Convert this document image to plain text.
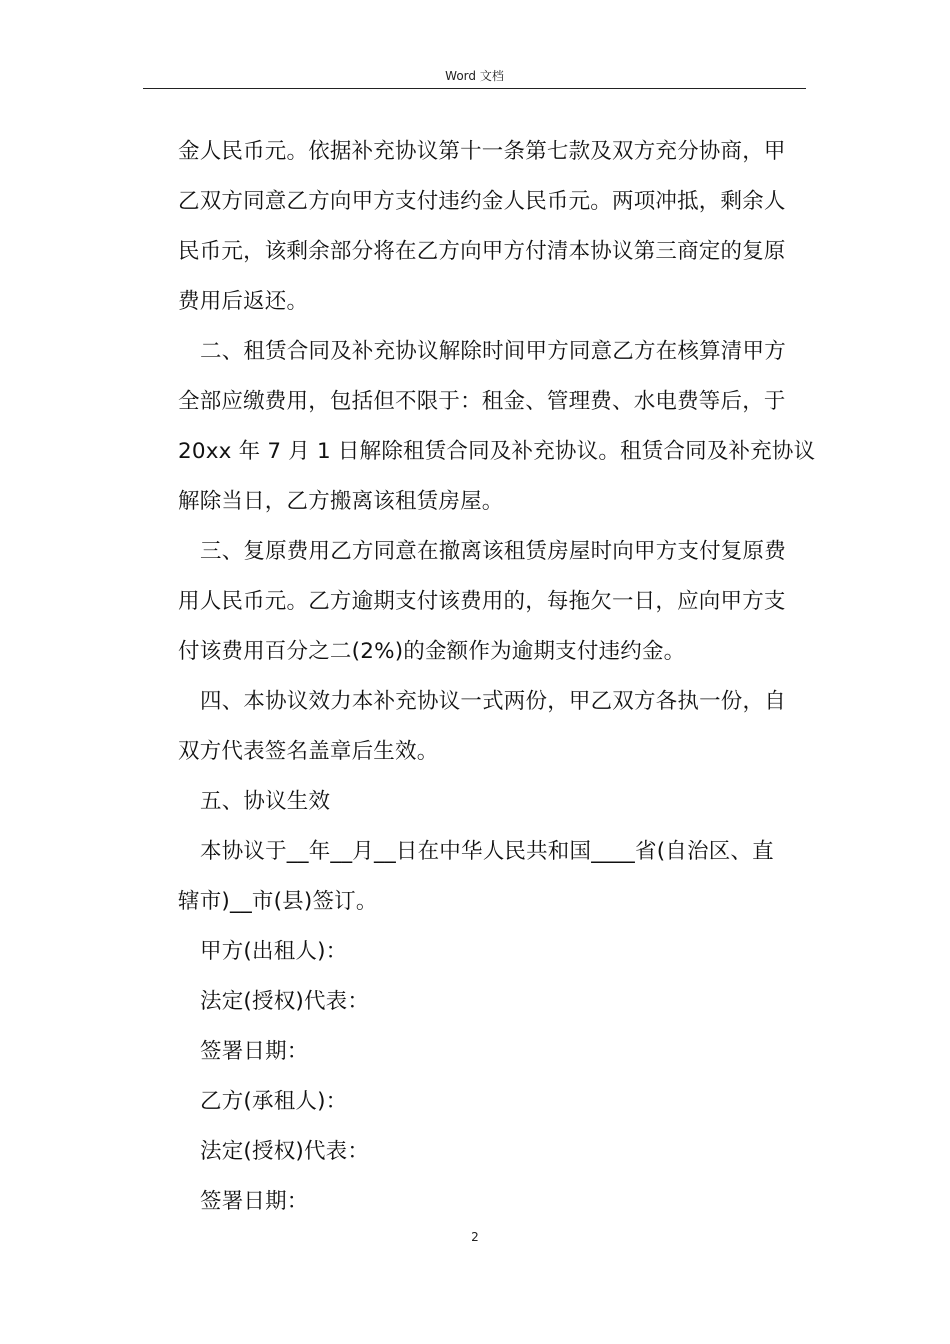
Word 文档
金人民币元。依据补充协议第十一条第七款及双方充分协商，甲
乙双方同意乙方向甲方支付违约金人民币元。两项冲抵，剩余人
民币元，该剩余部分将在乙方向甲方付清本协议第三商定的复原
费用后返还。
二、租赁合同及补充协议解除时间甲方同意乙方在核算清甲方
全部应缴费用，包括但不限于：租金、管理费、水电费等后，于
20xx 年 7 月 1 日解除租赁合同及补充协议。租赁合同及补充协议
解除当日，乙方搬离该租赁房屋。
三、复原费用乙方同意在撤离该租赁房屋时向甲方支付复原费
用人民币元。乙方逾期支付该费用的，每拖欠一日，应向甲方支
付该费用百分之二(2%)的金额作为逾期支付违约金。
四、本协议效力本补充协议一式两份，甲乙双方各执一份，自
双方代表签名盖章后生效。
五、协议生效
本协议于__年__月__日在中华人民共和国____省(自治区、直
辖市)__市(县)签订。
甲方(出租人)：
法定(授权)代表：
签署日期：
乙方(承租人)：
法定(授权)代表：
签署日期：
2
